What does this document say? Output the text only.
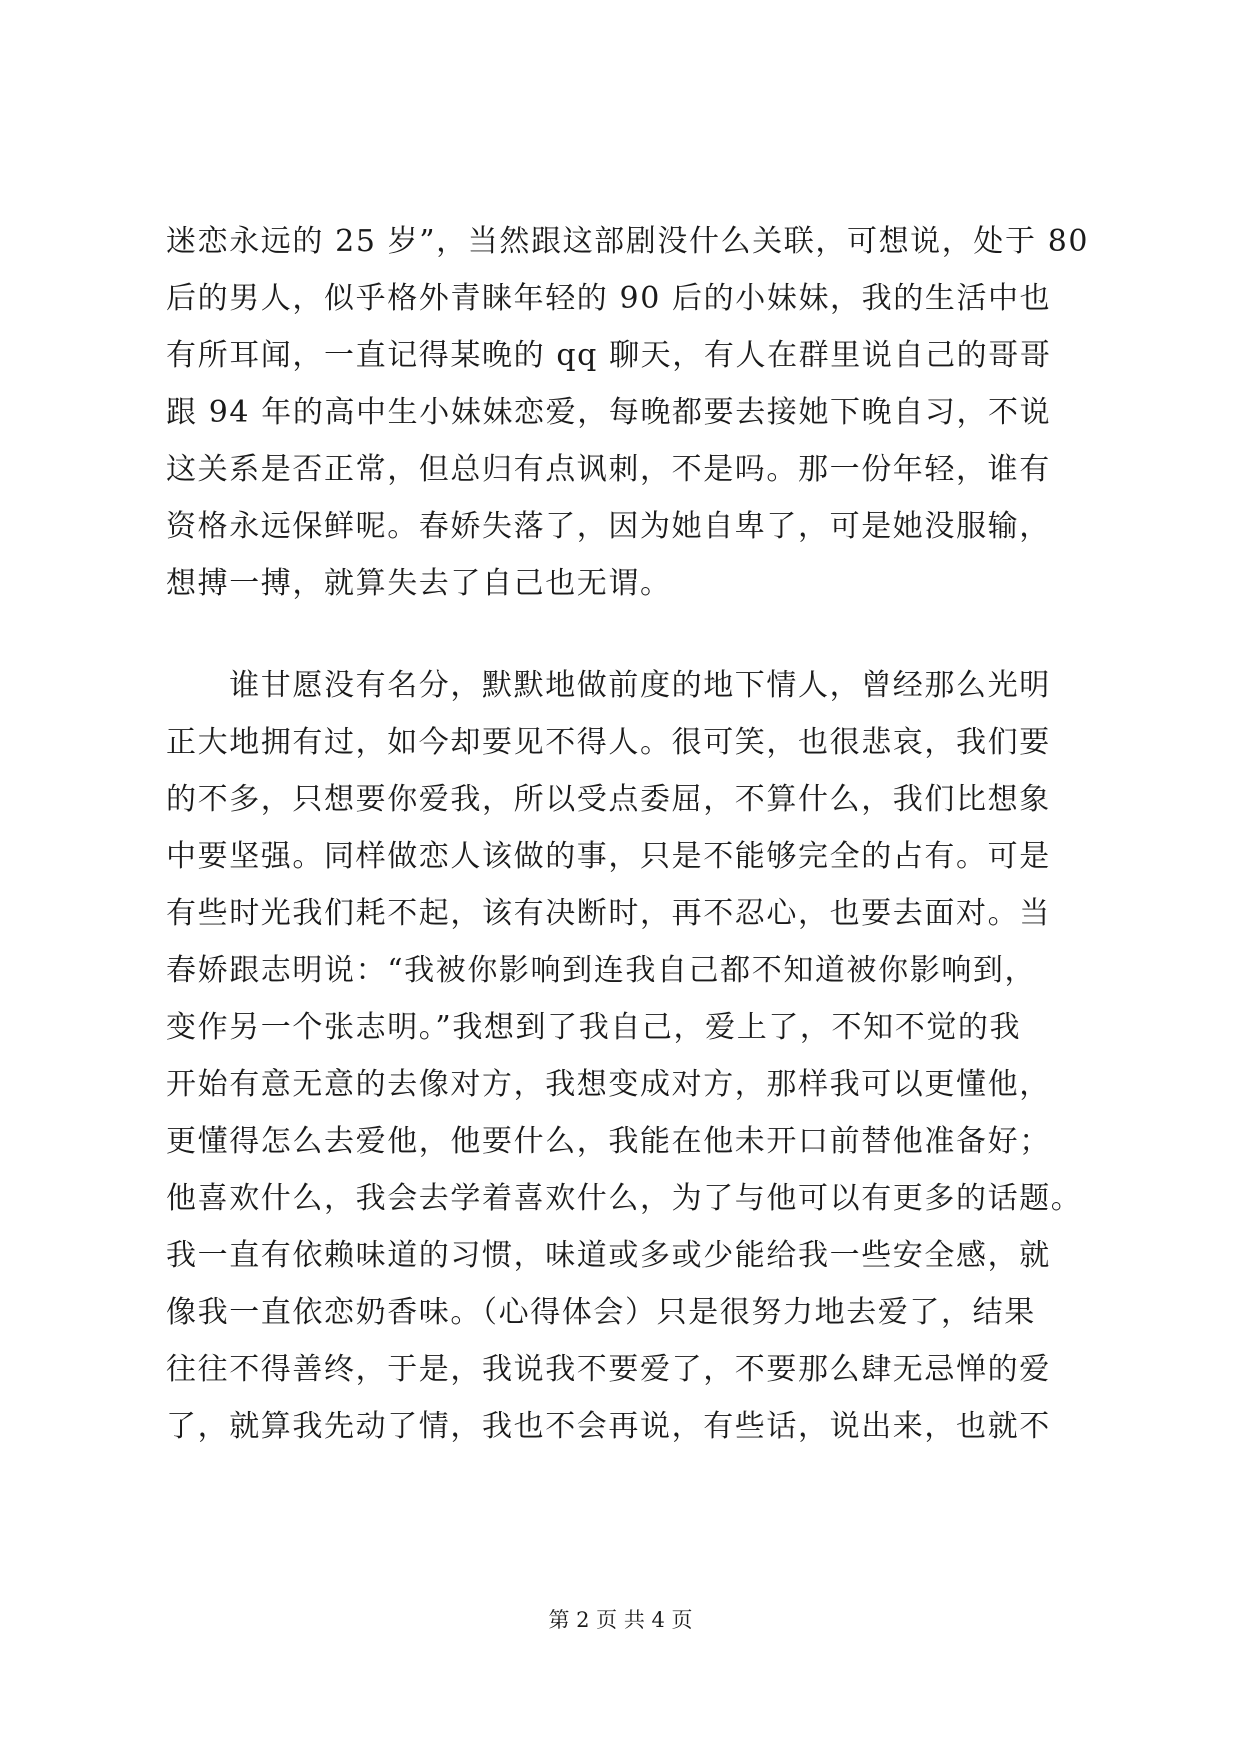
迷恋永远的 25 岁”，当然跟这部剧没什么关联，可想说，处于 80
后的男人，似乎格外青睐年轻的 90 后的小妹妹，我的生活中也
有所耳闻，一直记得某晚的 qq 聊天，有人在群里说自己的哥哥
跟 94 年的高中生小妹妹恋爱，每晚都要去接她下晚自习，不说
这关系是否正常，但总归有点讽刺，不是吗。那一份年轻，谁有
资格永远保鲜呢。春娇失落了，因为她自卑了，可是她没服输，
想搏一搏，就算失去了自己也无谓。
　　谁甘愿没有名分，默默地做前度的地下情人，曾经那么光明
正大地拥有过，如今却要见不得人。很可笑，也很悲哀，我们要
的不多，只想要你爱我，所以受点委屈，不算什么，我们比想象
中要坚强。同样做恋人该做的事，只是不能够完全的占有。可是
有些时光我们耗不起，该有决断时，再不忍心，也要去面对。当
春娇跟志明说：“我被你影响到连我自己都不知道被你影响到，
变作另一个张志明。”我想到了我自己，爱上了，不知不觉的我
开始有意无意的去像对方，我想变成对方，那样我可以更懂他，
更懂得怎么去爱他，他要什么，我能在他未开口前替他准备好；
他喜欢什么，我会去学着喜欢什么，为了与他可以有更多的话题。
我一直有依赖味道的习惯，味道或多或少能给我一些安全感，就
像我一直依恋奶香味。（心得体会）只是很努力地去爱了，结果
往往不得善终，于是，我说我不要爱了，不要那么肆无忌惮的爱
了，就算我先动了情，我也不会再说，有些话，说出来，也就不
第 2 页 共 4 页
